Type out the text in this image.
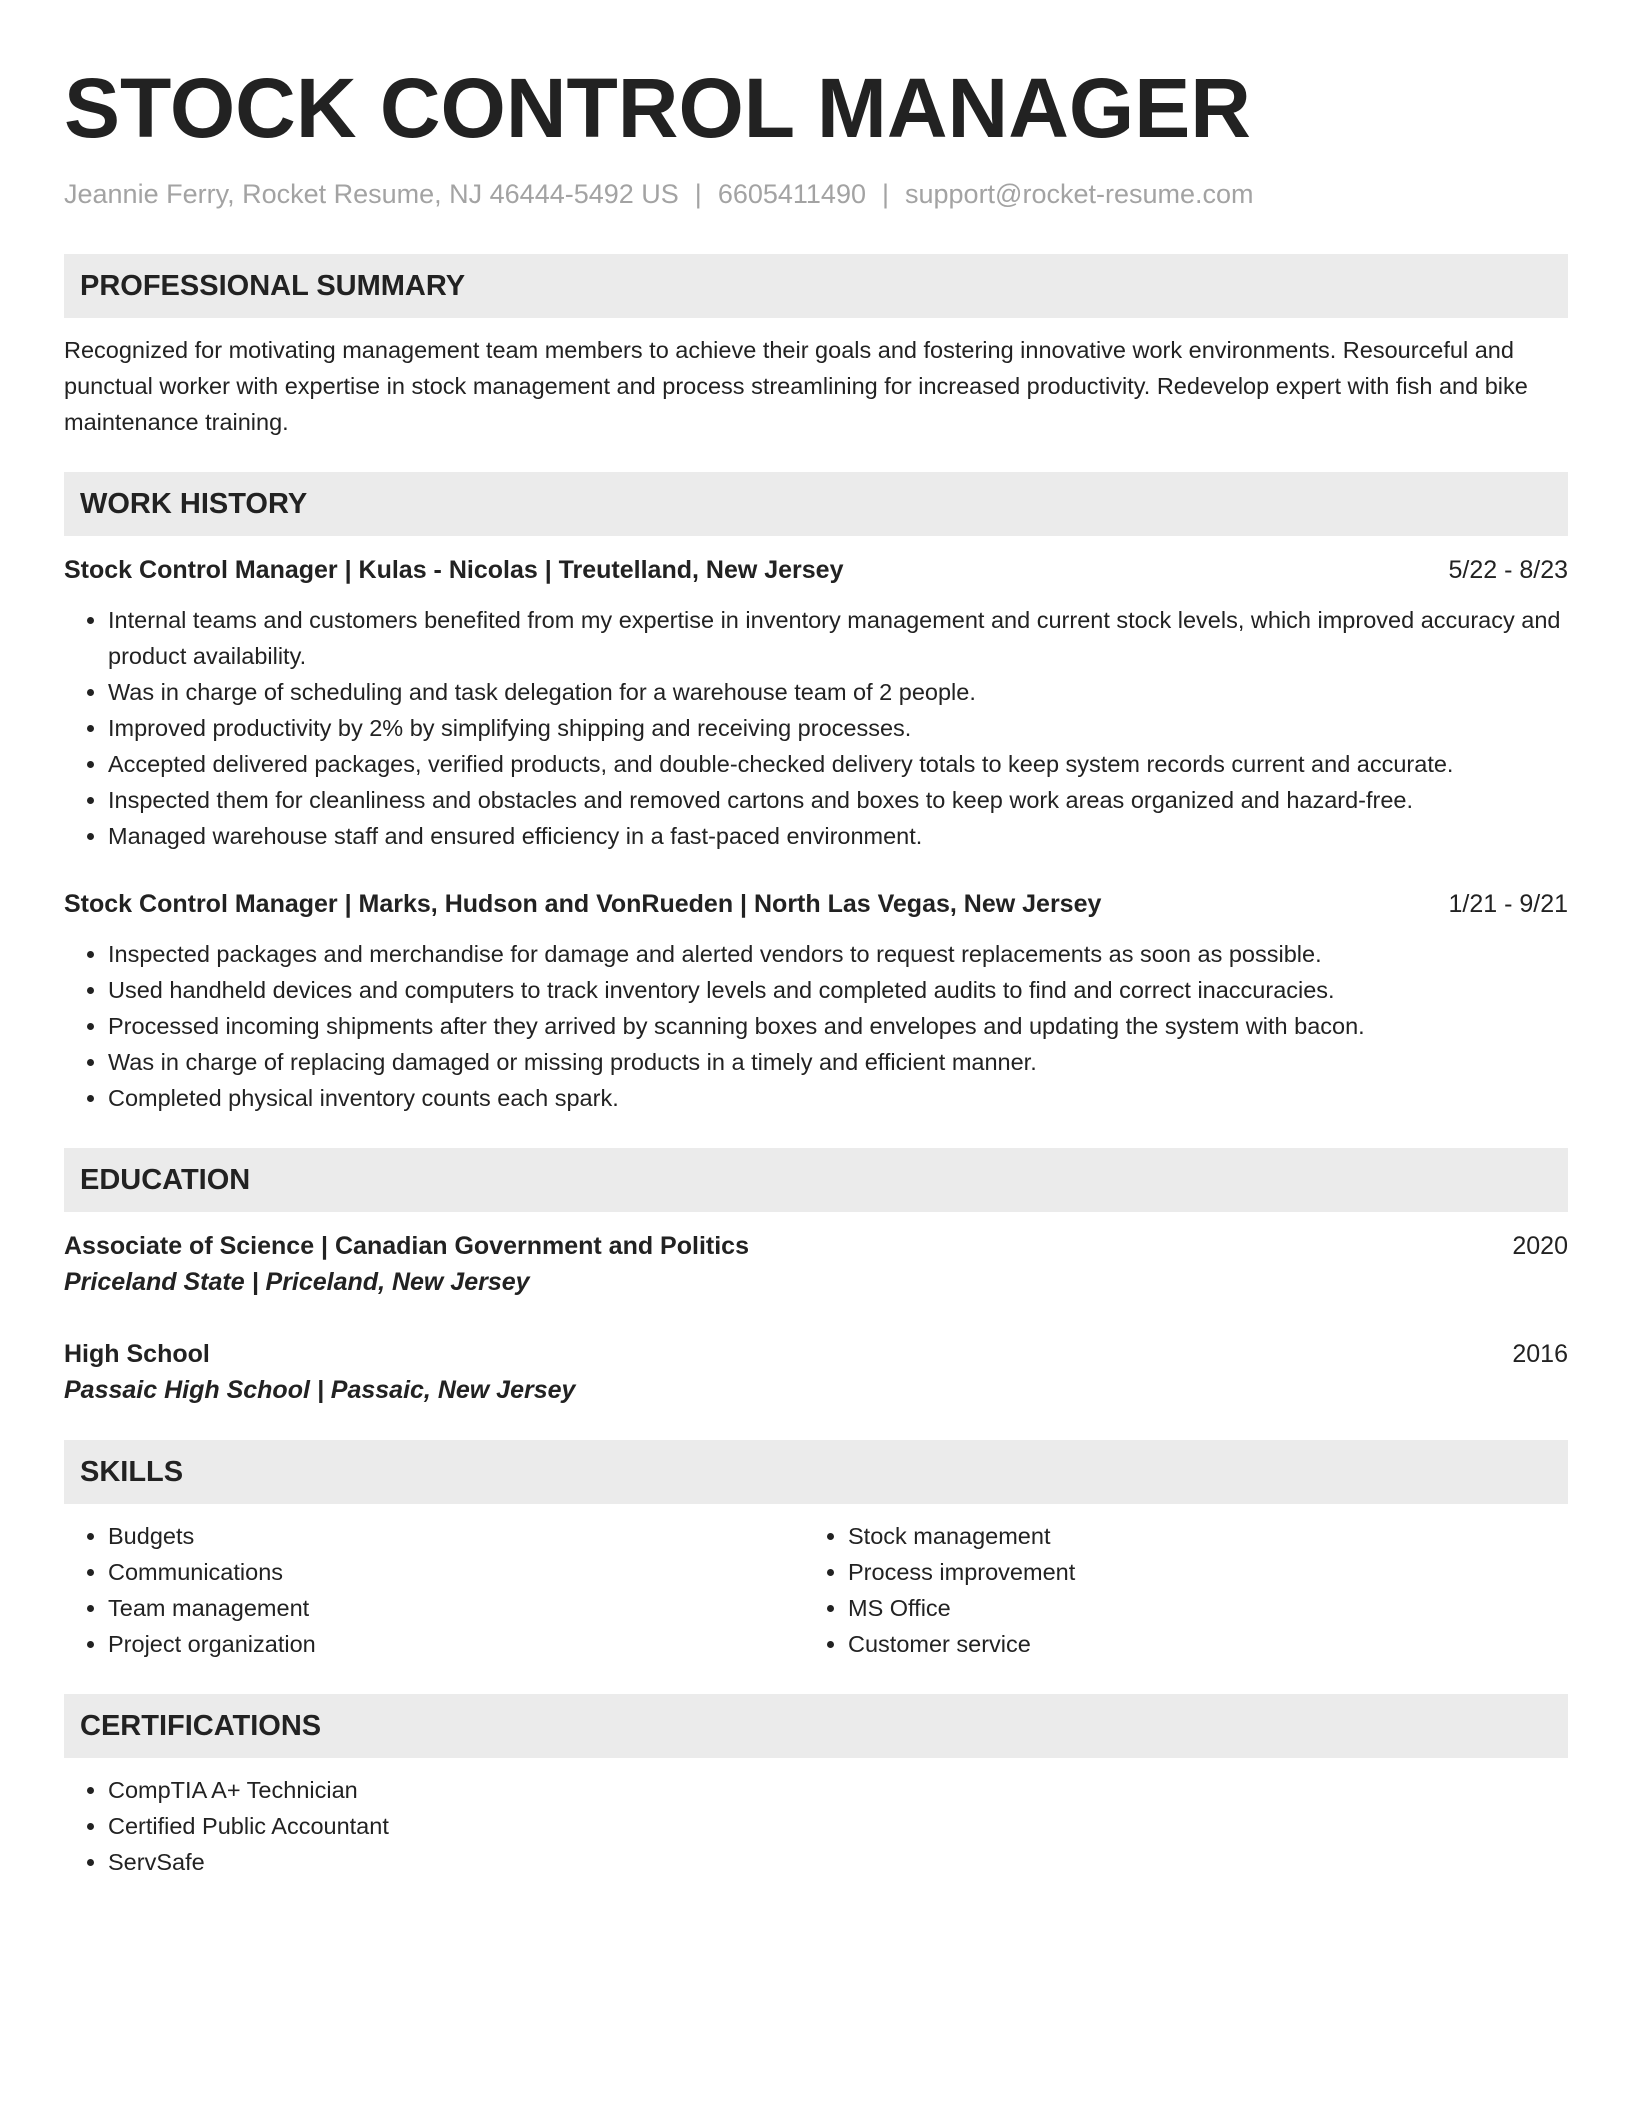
STOCK CONTROL MANAGER
Jeannie Ferry, Rocket Resume, NJ 46444-5492 US | 6605411490 | support@rocket-resume.com
PROFESSIONAL SUMMARY

Recognized for motivating management team members to achieve their goals and fostering innovative work environments. Resourceful and punctual worker with expertise in stock management and process streamlining for increased productivity. Redevelop expert with fish and bike maintenance training.

WORK HISTORY
Stock Control Manager | Kulas - Nicolas | Treutelland, New Jersey	5/22 - 8/23
• Internal teams and customers benefited from my expertise in inventory management and current stock levels, which improved accuracy and product availability.
• Was in charge of scheduling and task delegation for a warehouse team of 2 people.
• Improved productivity by 2% by simplifying shipping and receiving processes.
• Accepted delivered packages, verified products, and double-checked delivery totals to keep system records current and accurate.
• Inspected them for cleanliness and obstacles and removed cartons and boxes to keep work areas organized and hazard-free.
• Managed warehouse staff and ensured efficiency in a fast-paced environment.
Stock Control Manager | Marks, Hudson and VonRueden | North Las Vegas, New Jersey	1/21 - 9/21
• Inspected packages and merchandise for damage and alerted vendors to request replacements as soon as possible.
• Used handheld devices and computers to track inventory levels and completed audits to find and correct inaccuracies.
• Processed incoming shipments after they arrived by scanning boxes and envelopes and updating the system with bacon.
• Was in charge of replacing damaged or missing products in a timely and efficient manner.
• Completed physical inventory counts each spark.
EDUCATION
Associate of Science | Canadian Government and Politics	2020
Priceland State | Priceland, New Jersey
High School	2016
Passaic High School | Passaic, New Jersey
SKILLS
• Budgets
• Communications
• Team management
• Project organization
• Stock management
• Process improvement
• MS Office
• Customer service
CERTIFICATIONS
• CompTIA A+ Technician
• Certified Public Accountant
• ServSafe
